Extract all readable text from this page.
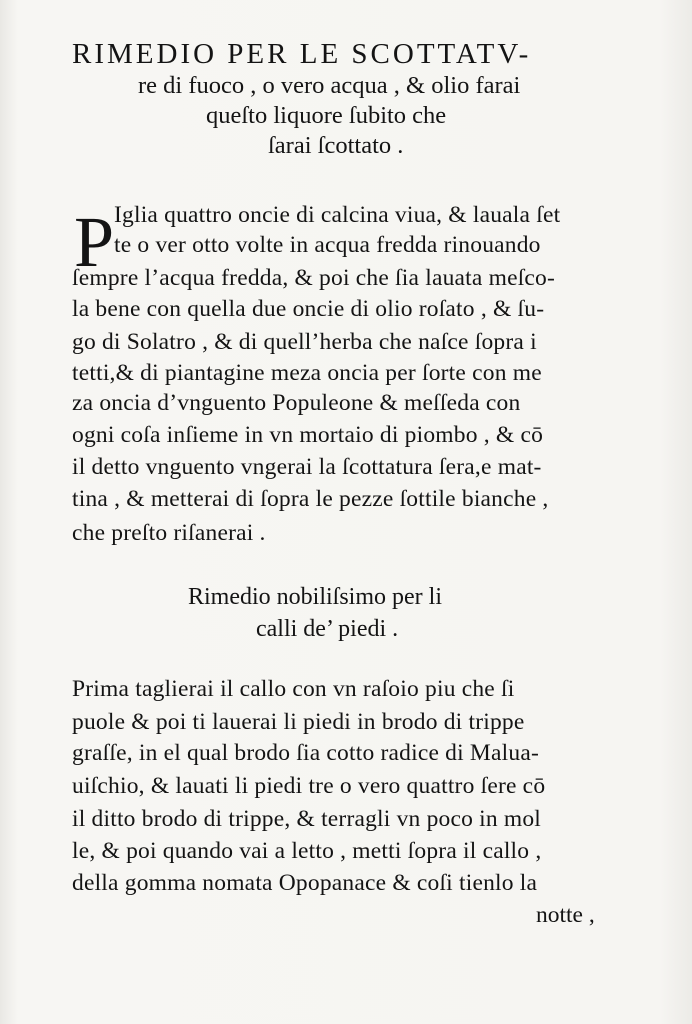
RIMEDIO PER LE SCOTTATV-
re di fuoco , o vero acqua , & olio farai
queſto liquore ſubito che
ſarai ſcottato .
P Iglia quattro oncie di calcina viua, & lauala ſet
te o ver otto volte in acqua fredda rinouando
ſempre l’acqua fredda, & poi che ſia lauata meſco-
la bene con quella due oncie di olio roſato , & ſu-
go di Solatro , & di quell’herba che naſce ſopra i
tetti,& di piantagine meza oncia per ſorte con me
za oncia d’vnguento Populeone & meſſeda con
ogni coſa inſieme in vn mortaio di piombo , & cō
il detto vnguento vngerai la ſcottatura ſera,e mat-
tina , & metterai di ſopra le pezze ſottile bianche ,
che preſto riſanerai .
Rimedio nobiliſsimo per li
calli de’ piedi .
Prima taglierai il callo con vn raſoio piu che ſi
puole & poi ti lauerai li piedi in brodo di trippe
graſſe, in el qual brodo ſia cotto radice di Malua-
uiſchio, & lauati li piedi tre o vero quattro ſere cō
il ditto brodo di trippe, & terragli vn poco in mol
le, & poi quando vai a letto , metti ſopra il callo ,
della gomma nomata Opopanace & coſi tienlo la
notte ,
